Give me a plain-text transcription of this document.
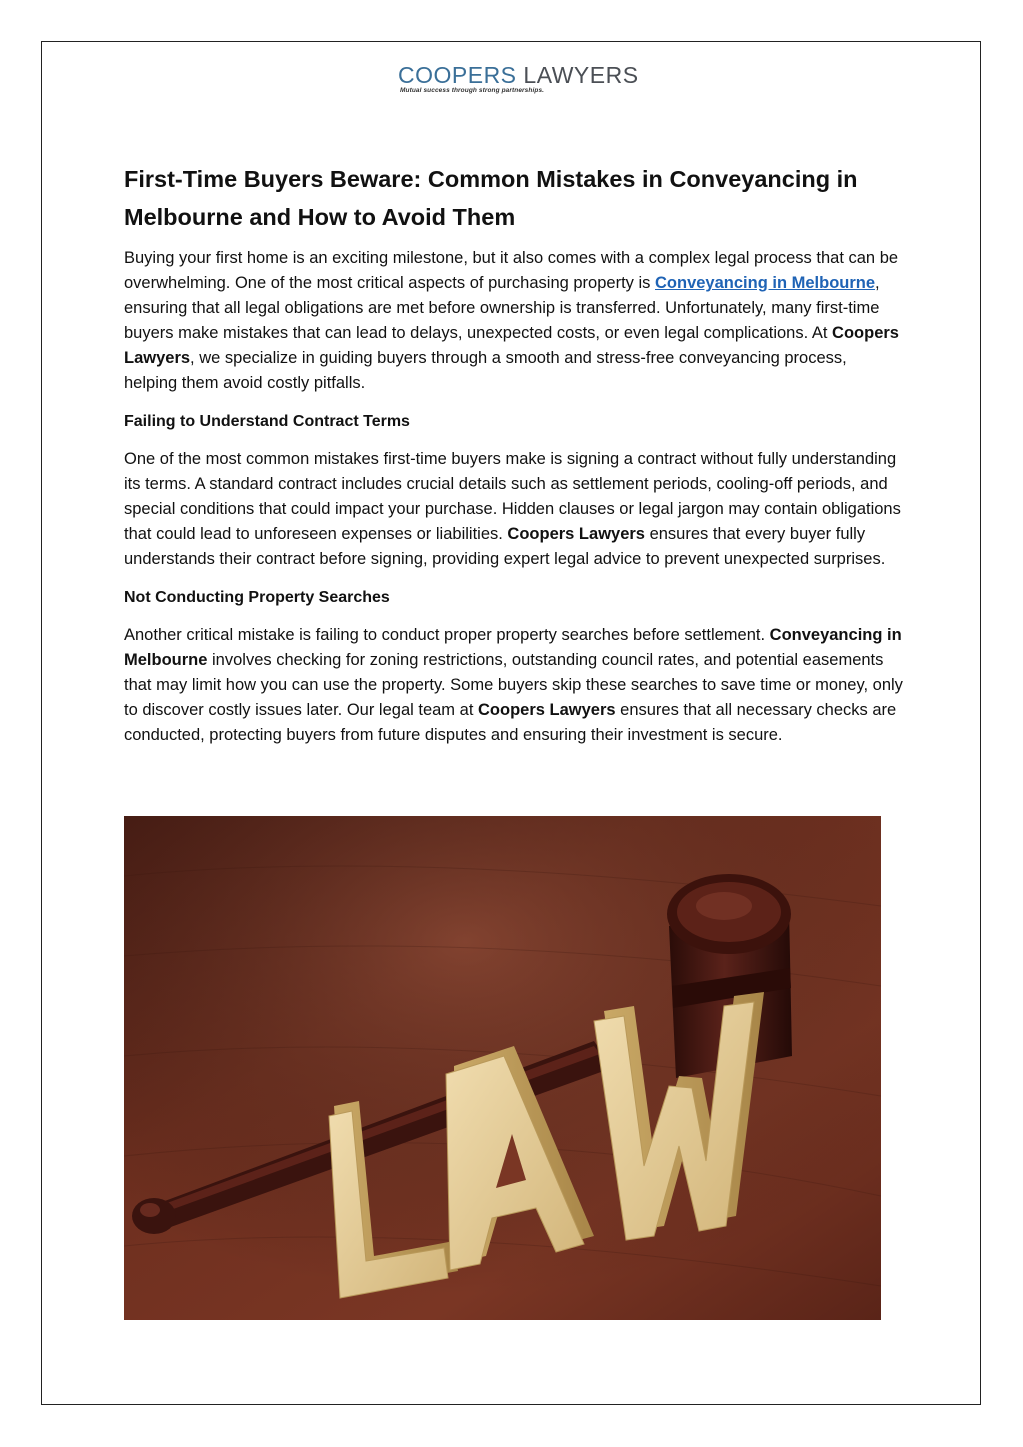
COOPERS LAWYERS
Mutual success through strong partnerships.
First-Time Buyers Beware: Common Mistakes in Conveyancing in Melbourne and How to Avoid Them

Buying your first home is an exciting milestone, but it also comes with a complex legal process that can be overwhelming. One of the most critical aspects of purchasing property is Conveyancing in Melbourne, ensuring that all legal obligations are met before ownership is transferred. Unfortunately, many first-time buyers make mistakes that can lead to delays, unexpected costs, or even legal complications. At Coopers Lawyers, we specialize in guiding buyers through a smooth and stress-free conveyancing process, helping them avoid costly pitfalls.

Failing to Understand Contract Terms

One of the most common mistakes first-time buyers make is signing a contract without fully understanding its terms. A standard contract includes crucial details such as settlement periods, cooling-off periods, and special conditions that could impact your purchase. Hidden clauses or legal jargon may contain obligations that could lead to unforeseen expenses or liabilities. Coopers Lawyers ensures that every buyer fully understands their contract before signing, providing expert legal advice to prevent unexpected surprises.

Not Conducting Property Searches

Another critical mistake is failing to conduct proper property searches before settlement. Conveyancing in Melbourne involves checking for zoning restrictions, outstanding council rates, and potential easements that may limit how you can use the property. Some buyers skip these searches to save time or money, only to discover costly issues later. Our legal team at Coopers Lawyers ensures that all necessary checks are conducted, protecting buyers from future disputes and ensuring their investment is secure.
